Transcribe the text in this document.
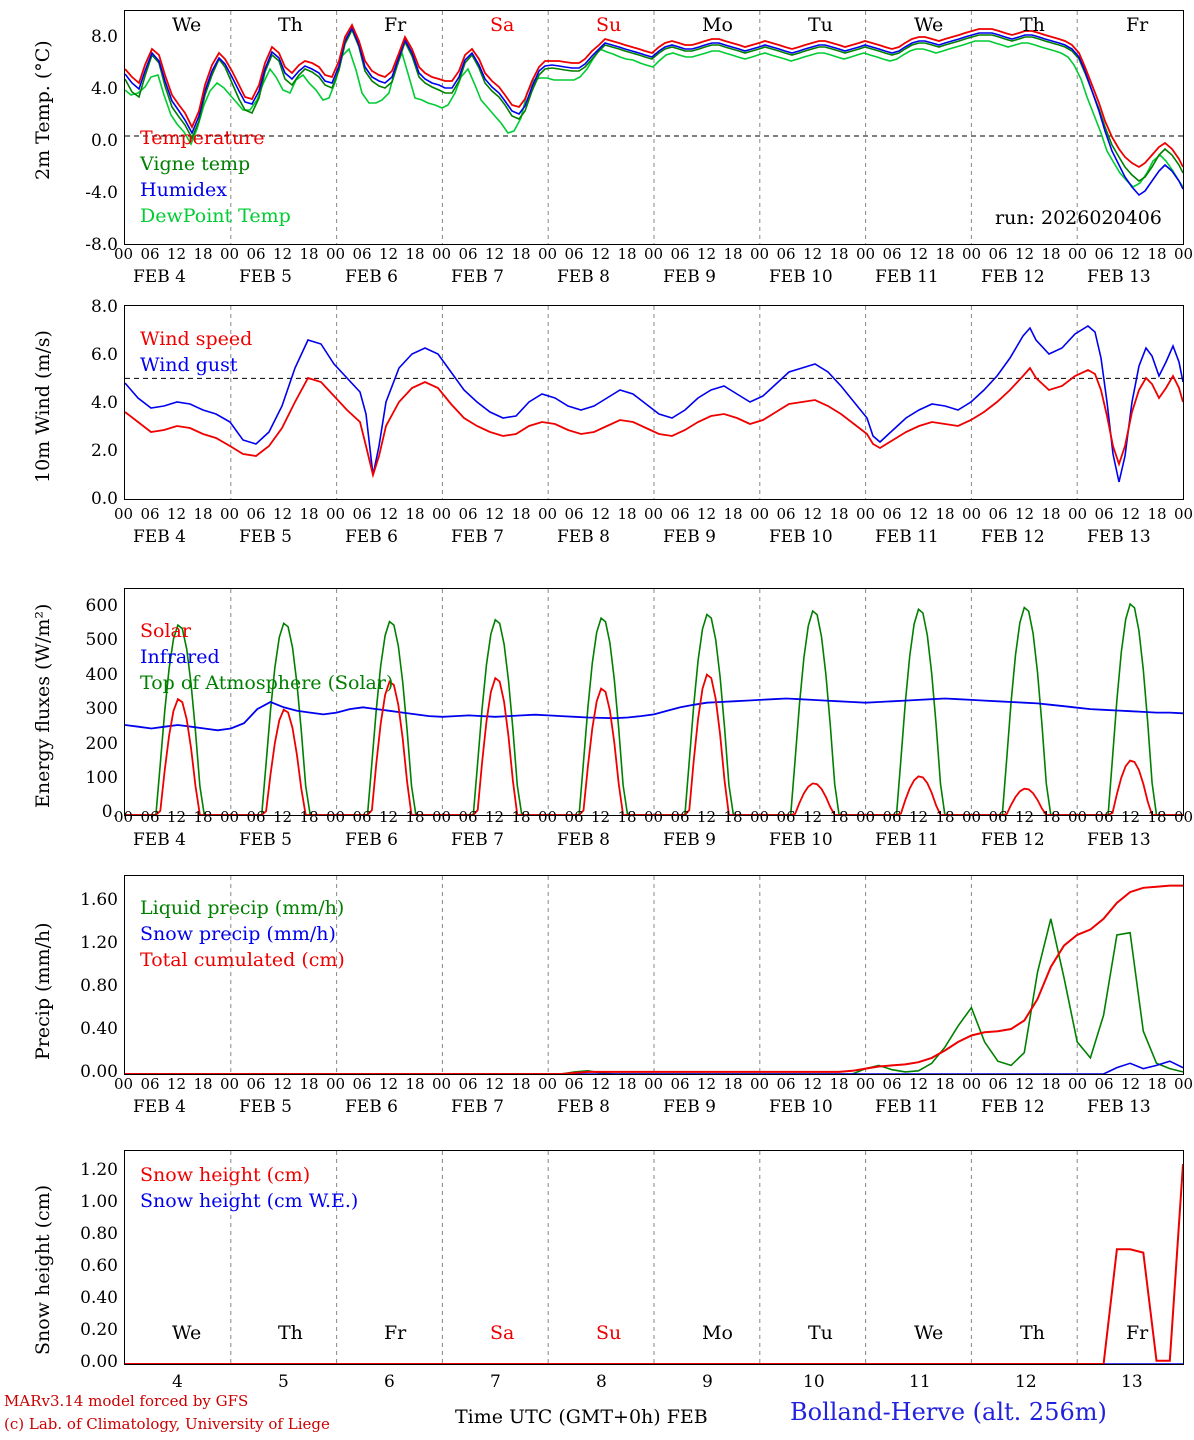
2m Temp. (°C)
8.0
4.0
0.0
-4.0
-8.0
We	Th	Fr	Sa	Su	Mo	Tu	We	Th	Fr
Temperature
Vigne temp
Humidex
DewPoint Temp	run: 2026020406
00 06 12 18 00 06 12 18 00 06 12 18 00 06 12 18 00 06 12 18 00 06 12 18 00 06 12 18 00 06 12 18 00 06 12 18 00 06 12 18 00
FEB 4	FEB 5	FEB 6	FEB 7	FEB 8	FEB 9	FEB 10 FEB 11 FEB 12 FEB 13
10m Wind (m/s)
8.0
6.0
4.0
2.0
0.0
Wind speed
Wind gust
00 06 12 18 00 06 12 18 00 06 12 18 00 06 12 18 00 06 12 18 00 06 12 18 00 06 12 18 00 06 12 18 00 06 12 18 00 06 12 18 00
FEB 4	FEB 5	FEB 6	FEB 7	FEB 8	FEB 9	FEB 10 FEB 11 FEB 12 FEB 13
Energy fluxes (W/m²)	600
500
400
300
200
100
0.
Solar
Infrared
Top of Atmosphere (Solar)
00 06 12 18 00 06 12 18 00 06 12 18 00 06 12 18 00 06 12 18 00 06 12 18 00 06 12 18 00 06 12 18 00 06 12 18 00 06 12 18 00
FEB 4	FEB 5	FEB 6	FEB 7	FEB 8	FEB 9	FEB 10 FEB 11 FEB 12 FEB 13
Precip (mm/h)
1.60
1.20
0.80
0.40
0.00
Liquid precip (mm/h)
Snow precip (mm/h)
Total cumulated (cm)
00 06 12 18 00 06 12 18 00 06 12 18 00 06 12 18 00 06 12 18 00 06 12 18 00 06 12 18 00 06 12 18 00 06 12 18 00 06 12 18 00
FEB 4	FEB 5	FEB 6	FEB 7	FEB 8	FEB 9	FEB 10 FEB 11 FEB 12 FEB 13
Snow height (cm)
1.20
1.00
0.80
0.60
0.40
0.20
0.00
Snow height (cm)
Snow height (cm W.E.)
We	Th	Fr	Sa	Su	Mo	Tu	We	Th	Fr
4	5	6	7	8	9	10	11	12	13
MARv3.14 model forced by GFS
(c) Lab. of Climatology, University of Liege	Time UTC (GMT+0h) FEB	Bolland-Herve (alt. 256m)
